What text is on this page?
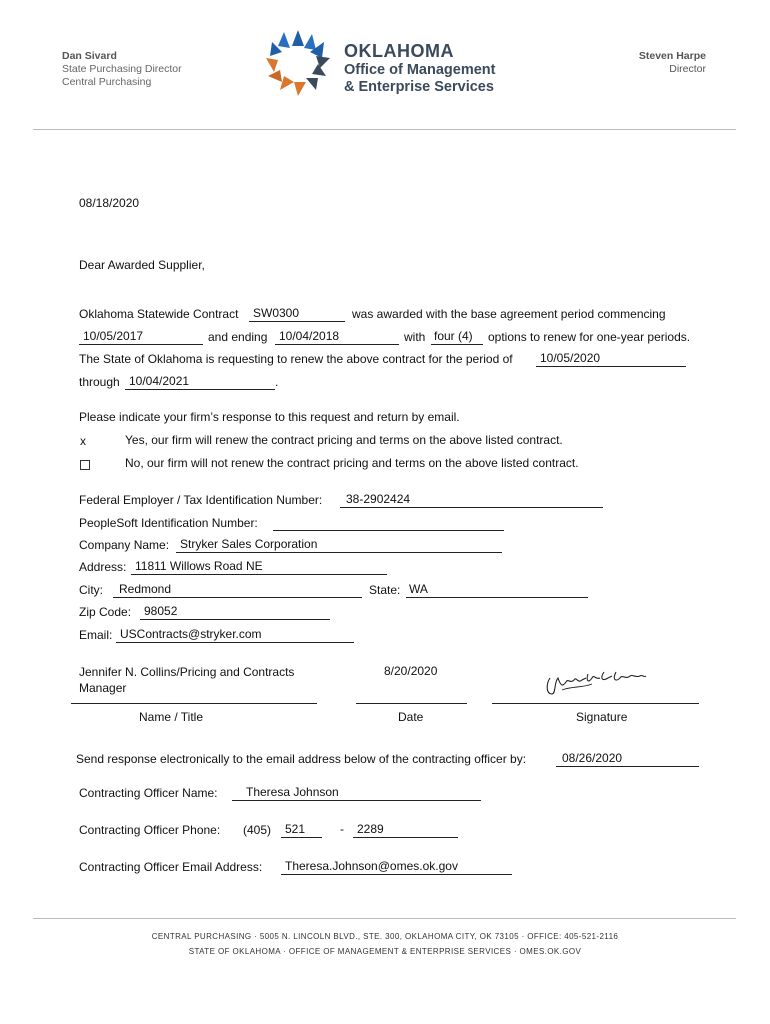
Dan Sivard
State Purchasing Director
Central Purchasing
OKLAHOMA
Office of Management
& Enterprise Services
Steven Harpe
Director
08/18/2020
Dear Awarded Supplier,
Oklahoma Statewide Contract	SW0300	was awarded with the base agreement period commencing
10/05/2017	and ending 10/04/2018	with four (4)	options to renew for one-year periods.
The State of Oklahoma is requesting to renew the above contract for the period of	10/05/2020
through 10/04/2021	.
Please indicate your firm’s response to this request and return by email.
x	Yes, our firm will renew the contract pricing and terms on the above listed contract.
No, our firm will not renew the contract pricing and terms on the above listed contract.
Federal Employer / Tax Identification Number:	38-2902424
PeopleSoft Identification Number:
Company Name: Stryker Sales Corporation
Address: 11811 Willows Road NE
City:	Redmond	State: WA
Zip Code:	98052
Email: USContracts@stryker.com
Jennifer N. Collins/Pricing and Contracts
Manager
8/20/2020
Name / Title	Date	Signature
Send response electronically to the email address below of the contracting officer by:	08/26/2020
Contracting Officer Name:	Theresa Johnson
Contracting Officer Phone: (405)	521	-	2289
Contracting Officer Email Address:	Theresa.Johnson@omes.ok.gov
CENTRAL PURCHASING · 5005 N. LINCOLN BLVD., STE. 300, OKLAHOMA CITY, OK 73105 · OFFICE: 405-521-2116
STATE OF OKLAHOMA · OFFICE OF MANAGEMENT & ENTERPRISE SERVICES · OMES.OK.GOV
